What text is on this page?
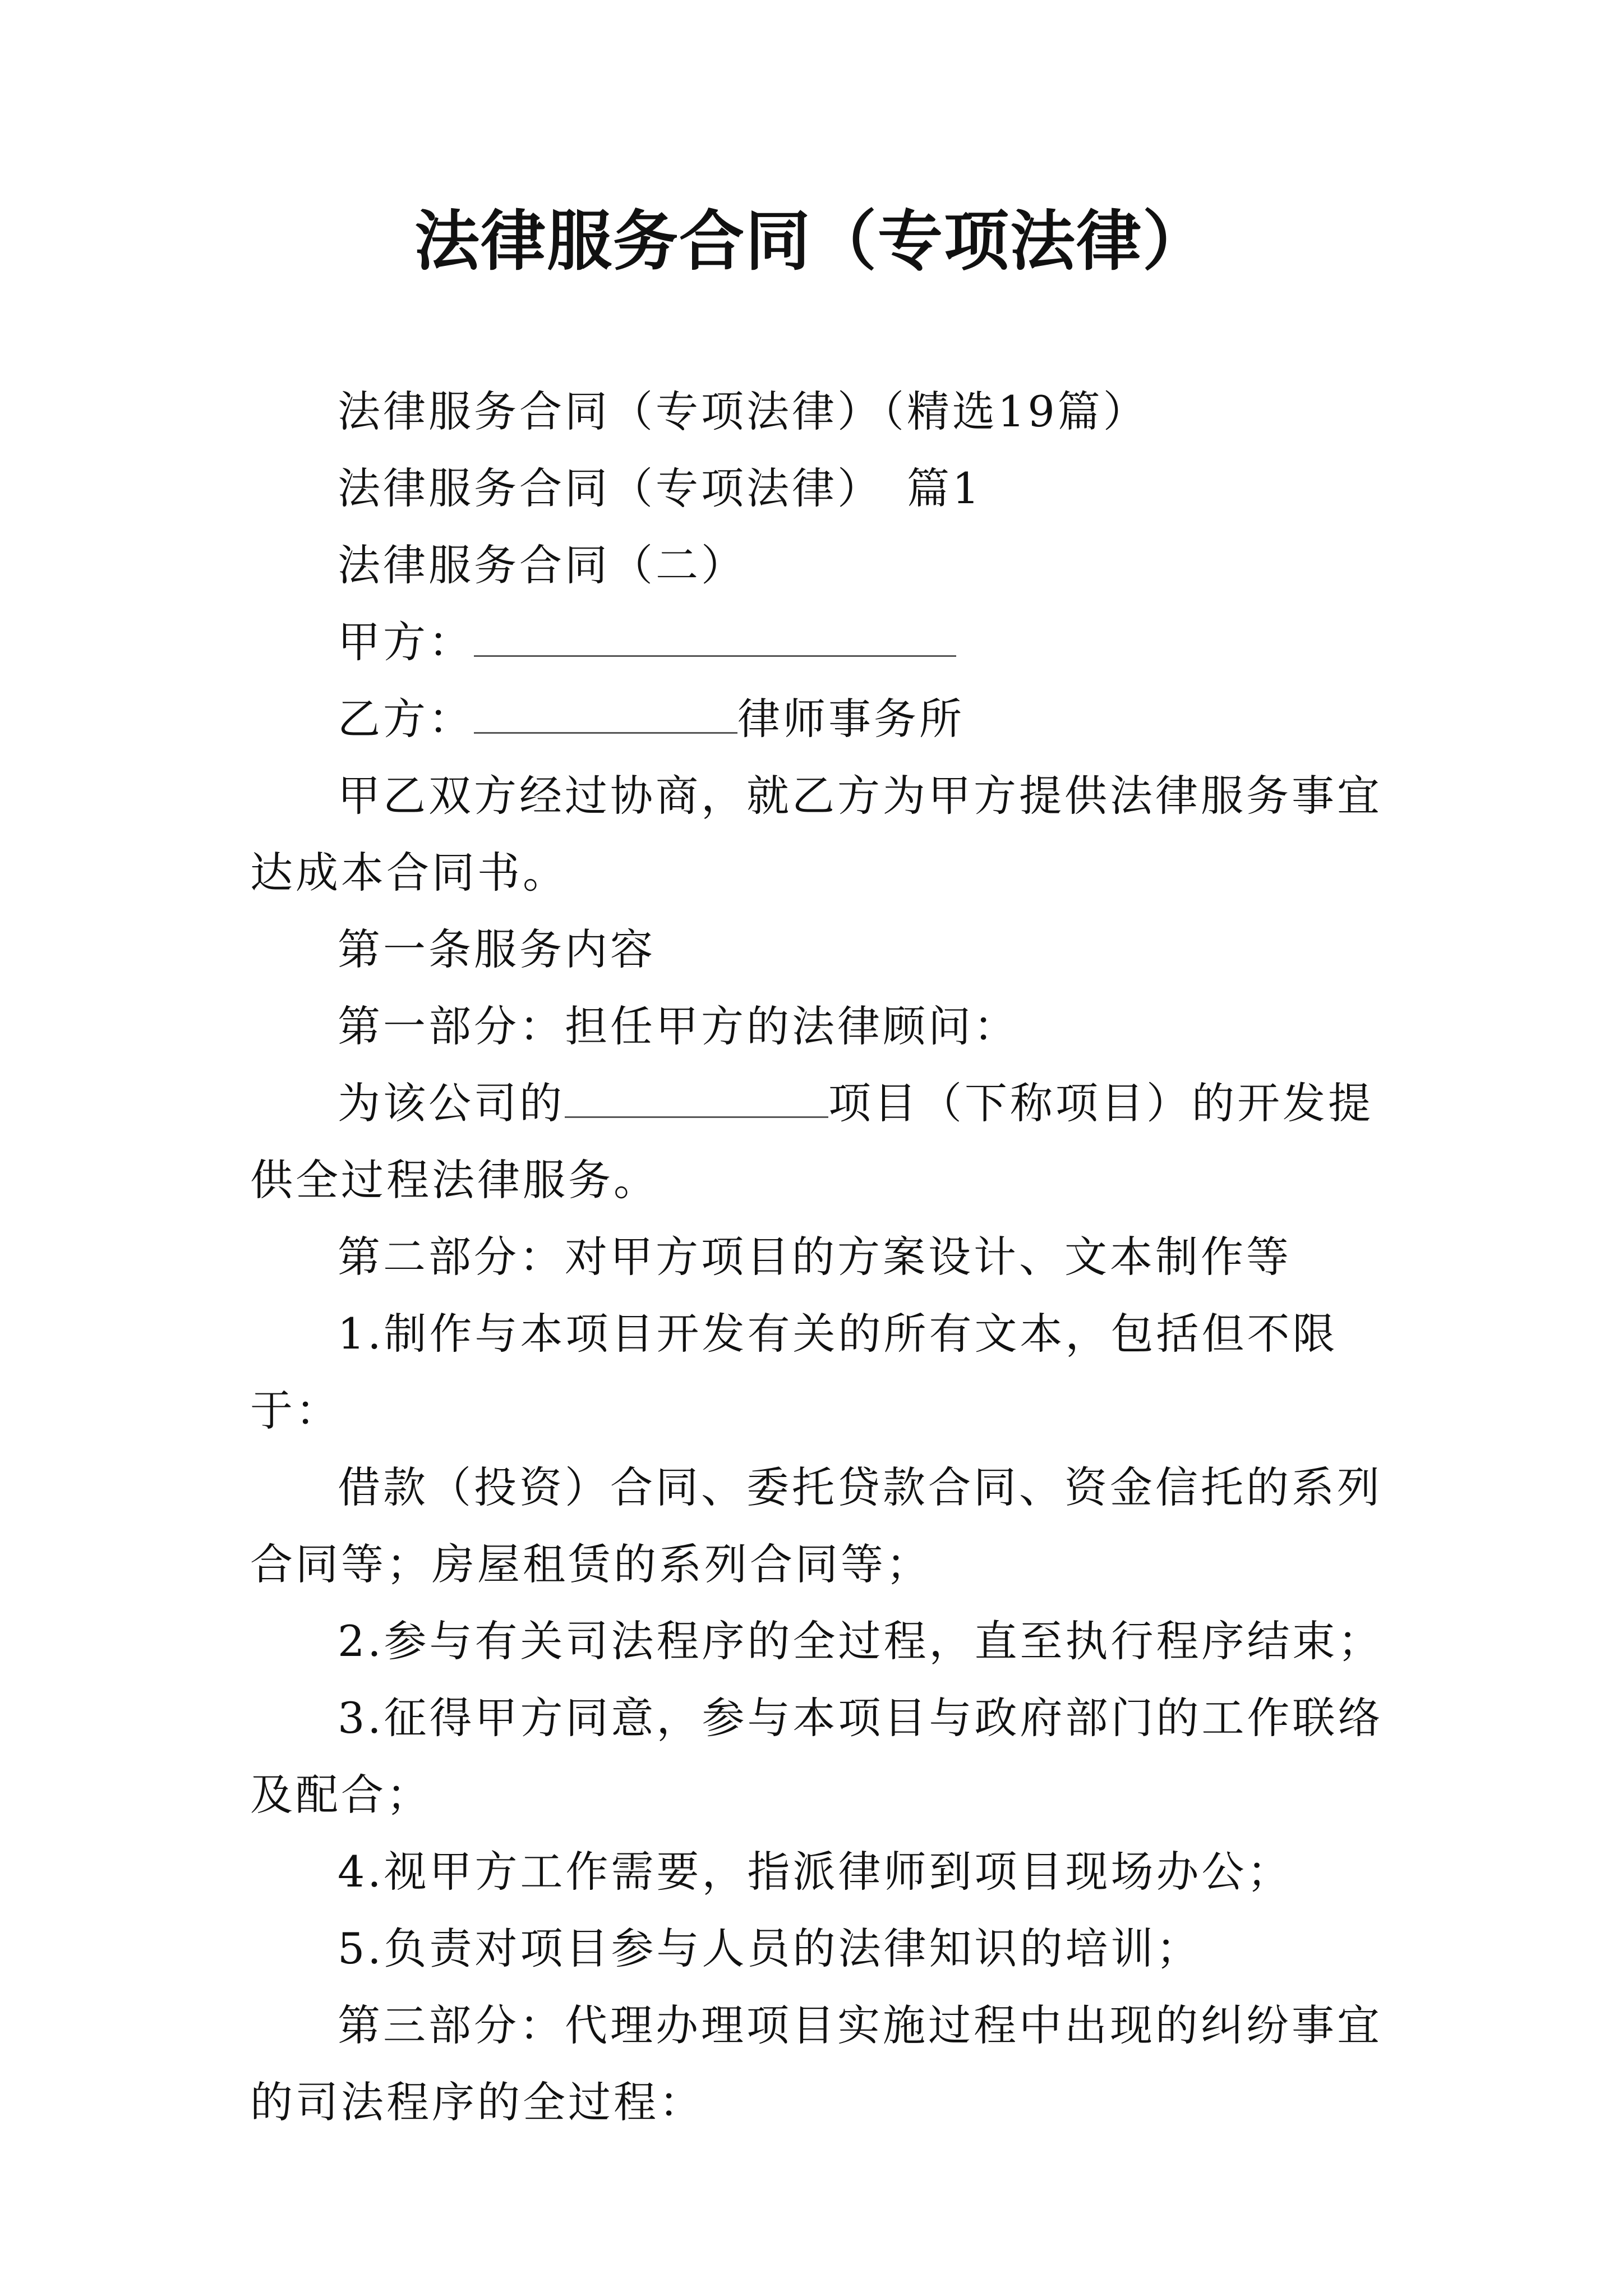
法律服务合同（专项法律）

法律服务合同（专项法律）（精选19篇）

法律服务合同（专项法律）　篇1

法律服务合同（二）

甲方：

乙方：	律师事务所

甲乙双方经过协商，就乙方为甲方提供法律服务事宜达成本合同书。

第一条服务内容

第一部分：担任甲方的法律顾问：

为该公司的	项目（下称项目）的开发提供全过程法律服务。

第二部分：对甲方项目的方案设计、文本制作等

1.制作与本项目开发有关的所有文本，包括但不限于：

借款（投资）合同、委托贷款合同、资金信托的系列合同等；房屋租赁的系列合同等；

2.参与有关司法程序的全过程，直至执行程序结束；

3.征得甲方同意，参与本项目与政府部门的工作联络及配合；

4.视甲方工作需要，指派律师到项目现场办公；

5.负责对项目参与人员的法律知识的培训；

第三部分：代理办理项目实施过程中出现的纠纷事宜的司法程序的全过程：
